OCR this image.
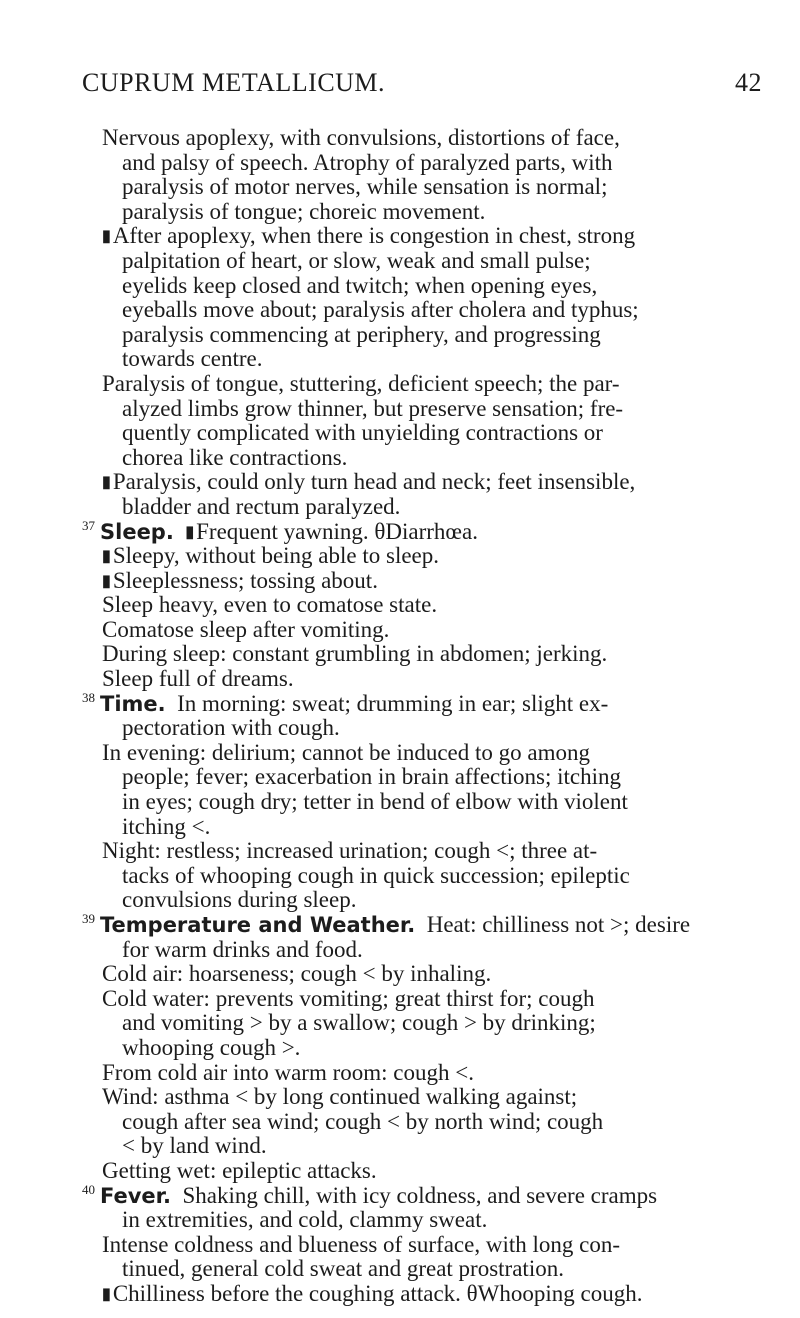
CUPRUM METALLICUM.	42
Nervous apoplexy, with convulsions, distortions of face,
and palsy of speech. Atrophy of paralyzed parts, with
paralysis of motor nerves, while sensation is normal;
paralysis of tongue; choreic movement.
▮After apoplexy, when there is congestion in chest, strong
palpitation of heart, or slow, weak and small pulse;
eyelids keep closed and twitch; when opening eyes,
eyeballs move about; paralysis after cholera and typhus;
paralysis commencing at periphery, and progressing
towards centre.
Paralysis of tongue, stuttering, deficient speech; the par-
alyzed limbs grow thinner, but preserve sensation; fre-
quently complicated with unyielding contractions or
chorea like contractions.
▮Paralysis, could only turn head and neck; feet insensible,
bladder and rectum paralyzed.
$^{37}$ Sleep. ▮Frequent yawning. θDiarrhœa.
▮Sleepy, without being able to sleep.
▮Sleeplessness; tossing about.
Sleep heavy, even to comatose state.
Comatose sleep after vomiting.
During sleep: constant grumbling in abdomen; jerking.
Sleep full of dreams.
$^{38}$ Time. In morning: sweat; drumming in ear; slight ex-
pectoration with cough.
In evening: delirium; cannot be induced to go among
people; fever; exacerbation in brain affections; itching
in eyes; cough dry; tetter in bend of elbow with violent
itching <.
Night: restless; increased urination; cough <; three at-
tacks of whooping cough in quick succession; epileptic
convulsions during sleep.
$^{39}$ Temperature and Weather. Heat: chilliness not >; desire
for warm drinks and food.
Cold air: hoarseness; cough < by inhaling.
Cold water: prevents vomiting; great thirst for; cough
and vomiting > by a swallow; cough > by drinking;
whooping cough >.
From cold air into warm room: cough <.
Wind: asthma < by long continued walking against;
cough after sea wind; cough < by north wind; cough
< by land wind.
Getting wet: epileptic attacks.
$^{40}$ Fever. Shaking chill, with icy coldness, and severe cramps
in extremities, and cold, clammy sweat.
Intense coldness and blueness of surface, with long con-
tinued, general cold sweat and great prostration.
▮Chilliness before the coughing attack. θWhooping cough.
